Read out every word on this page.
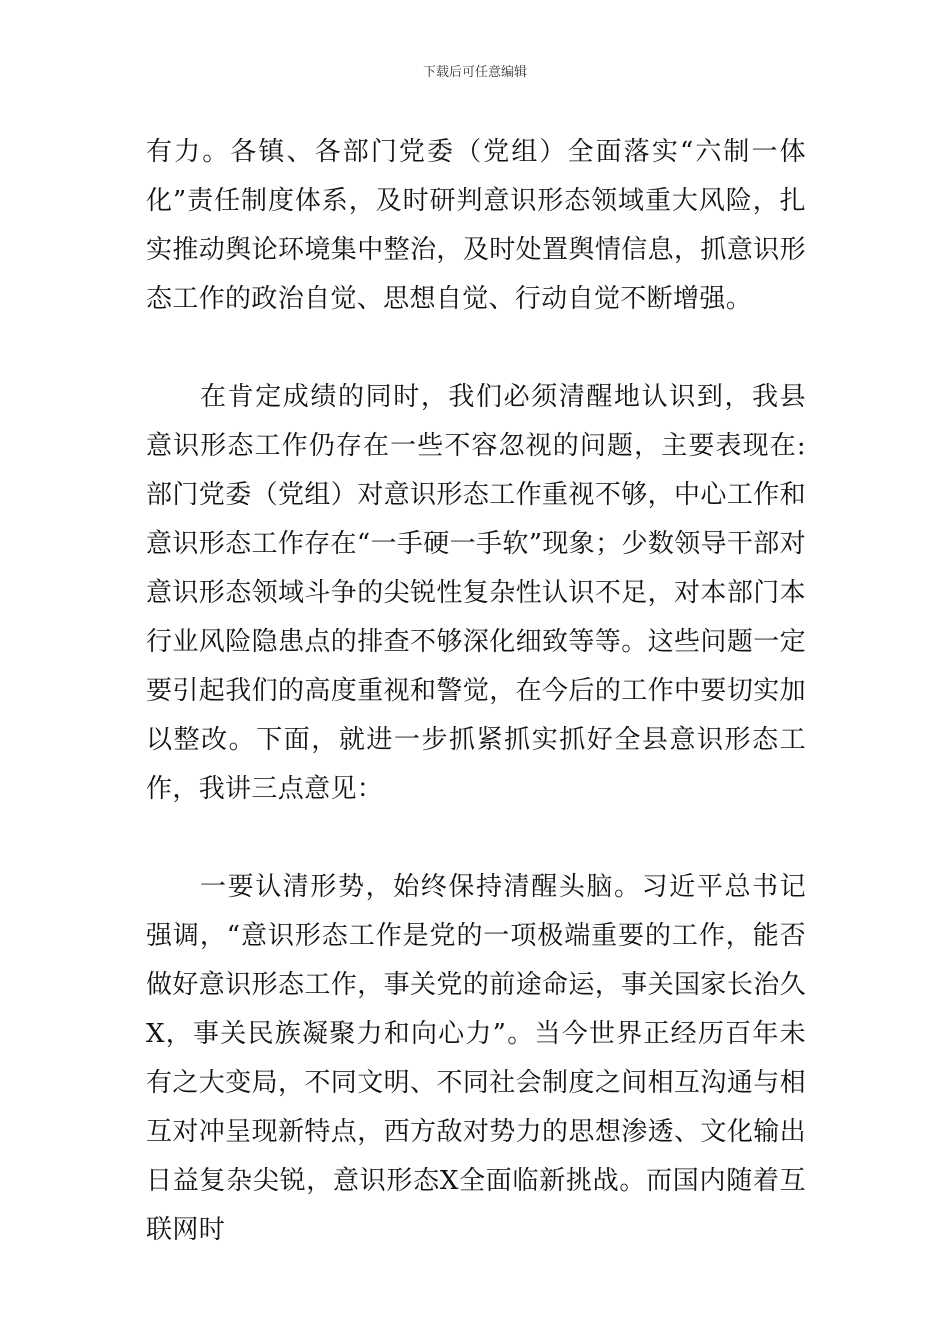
下载后可任意编辑

有力。各镇、各部门党委（党组）全面落实“六制一体化”责任制度体系，及时研判意识形态领域重大风险，扎实推动舆论环境集中整治，及时处置舆情信息，抓意识形态工作的政治自觉、思想自觉、行动自觉不断增强。

在肯定成绩的同时，我们必须清醒地认识到，我县意识形态工作仍存在一些不容忽视的问题，主要表现在:部门党委（党组）对意识形态工作重视不够，中心工作和意识形态工作存在“一手硬一手软”现象；少数领导干部对意识形态领域斗争的尖锐性复杂性认识不足，对本部门本行业风险隐患点的排查不够深化细致等等。这些问题一定要引起我们的高度重视和警觉，在今后的工作中要切实加以整改。下面，就进一步抓紧抓实抓好全县意识形态工作，我讲三点意见：

一要认清形势，始终保持清醒头脑。习近平总书记强调，“意识形态工作是党的一项极端重要的工作，能否做好意识形态工作，事关党的前途命运，事关国家长治久X，事关民族凝聚力和向心力”。当今世界正经历百年未有之大变局，不同文明、不同社会制度之间相互沟通与相互对冲呈现新特点，西方敌对势力的思想渗透、文化输出日益复杂尖锐，意识形态X全面临新挑战。而国内随着互联网时
